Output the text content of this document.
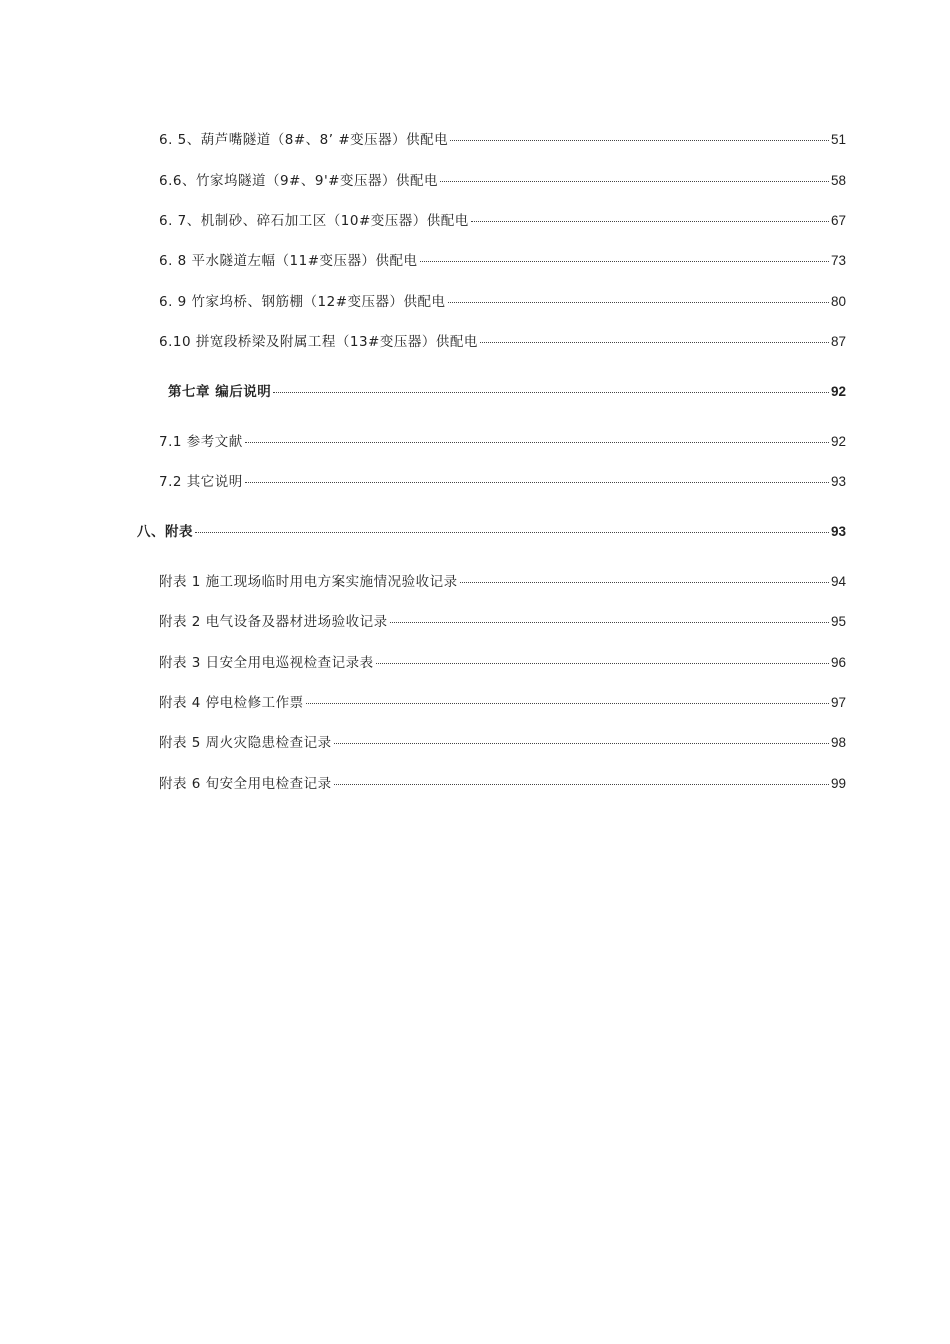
6. 5、葫芦嘴隧道（8#、8’ #变压器）供配电	51
6.6、竹家坞隧道（9#、9'#变压器）供配电	58
6. 7、机制砂、碎石加工区（10#变压器）供配电	67
6. 8 平水隧道左幅（11#变压器）供配电	73
6. 9 竹家坞桥、钢筋棚（12#变压器）供配电	80
6.10 拼宽段桥梁及附属工程（13#变压器）供配电	87
第七章 编后说明	92
7.1 参考文献	92
7.2 其它说明	93
八、附表	93
附表 1 施工现场临时用电方案实施情况验收记录	94
附表 2 电气设备及器材进场验收记录	95
附表 3 日安全用电巡视检查记录表	96
附表 4 停电检修工作票	97
附表 5 周火灾隐患检查记录	98
附表 6 旬安全用电检查记录	99
